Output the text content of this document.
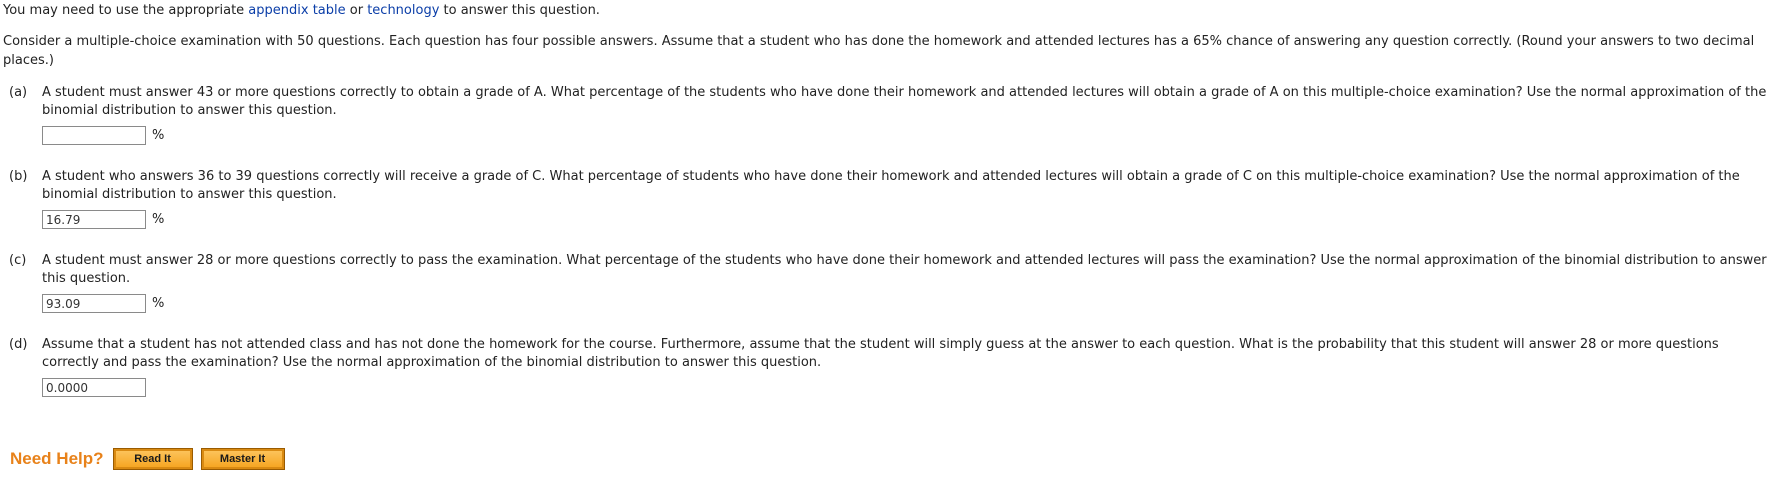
You may need to use the appropriate appendix table or technology to answer this question.

Consider a multiple-choice examination with 50 questions. Each question has four possible answers. Assume that a student who has done the homework and attended lectures has a 65% chance of answering any question correctly. (Round your answers to two decimal places.)

(a) A student must answer 43 or more questions correctly to obtain a grade of A. What percentage of the students who have done their homework and attended lectures will obtain a grade of A on this multiple-choice examination? Use the normal approximation of the binomial distribution to answer this question.

%
(b) A student who answers 36 to 39 questions correctly will receive a grade of C. What percentage of students who have done their homework and attended lectures will obtain a grade of C on this multiple-choice examination? Use the normal approximation of the binomial distribution to answer this question.

16.79
%
(c) A student must answer 28 or more questions correctly to pass the examination. What percentage of the students who have done their homework and attended lectures will pass the examination? Use the normal approximation of the binomial distribution to answer this question.

93.09
%
(d) Assume that a student has not attended class and has not done the homework for the course. Furthermore, assume that the student will simply guess at the answer to each question. What is the probability that this student will answer 28 or more questions correctly and pass the examination? Use the normal approximation of the binomial distribution to answer this question.

0.0000
Need Help?	Read It	Master It
